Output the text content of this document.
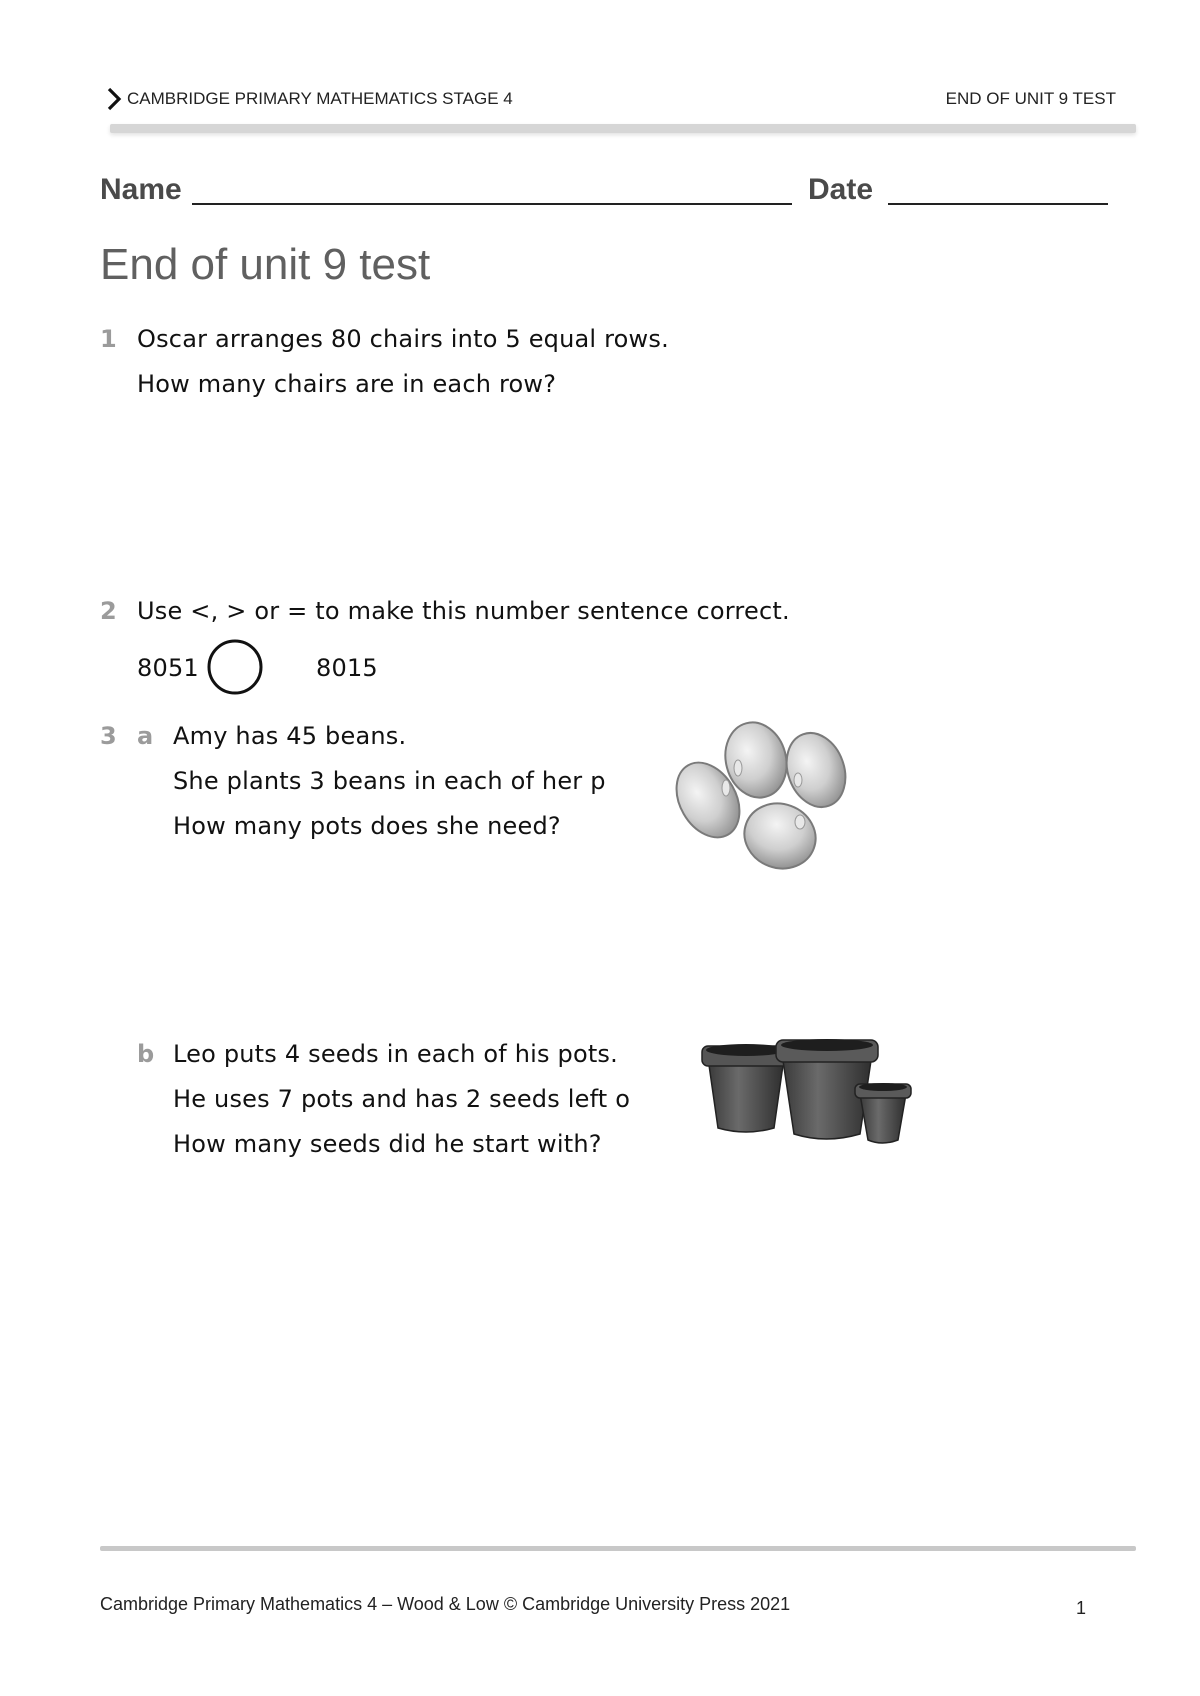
CAMBRIDGE PRIMARY MATHEMATICS STAGE 4	END OF UNIT 9 TEST
Name	Date
End of unit 9 test
1 Oscar arranges 80 chairs into 5 equal rows.
How many chairs are in each row?
2 Use <, > or = to make this number sentence correct.
8051	8015
3 a Amy has 45 beans.
She plants 3 beans in each of her p
How many pots does she need?
b Leo puts 4 seeds in each of his pots.
He uses 7 pots and has 2 seeds left o
How many seeds did he start with?
Cambridge Primary Mathematics 4 – Wood & Low © Cambridge University Press 2021	1
